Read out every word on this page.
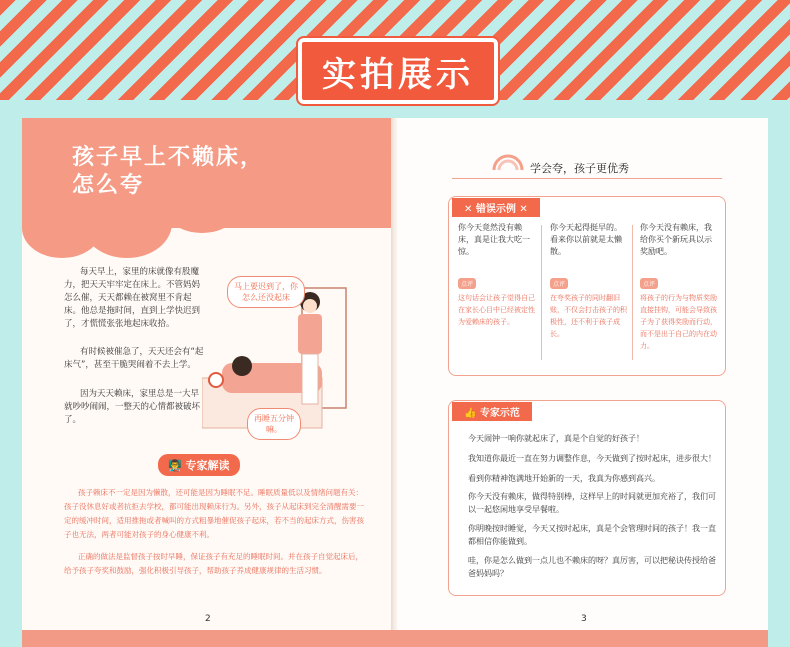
实拍展示
孩子早上不赖床，
怎么夸
每天早上，家里的床就像有股魔力，把天天牢牢定在床上。不管妈妈怎么催，天天都赖在被窝里不肯起床。他总是拖时间，直到上学快迟到了，才慌慌张张地起床收拾。
有时候被催急了，天天还会有“起床气”，甚至干脆哭闹着不去上学。
因为天天赖床，家里总是一大早就吵吵闹闹，一整天的心情都被破坏了。
马上要迟到了，你怎么还没起床
再睡五分钟嘛。
👨‍🏫 专家解读
孩子赖床不一定是因为懒散，还可能是因为睡眠不足。睡眠质量低以及情绪问题有关：孩子没休息好或者抗拒去学校，都可能出现赖床行为。另外，孩子从起床到完全清醒需要一定的缓冲时间，适用推拖或者喊叫的方式粗暴地催促孩子起床，若不当的起床方式，伤害孩子也无法，两者可能对孩子的身心健康不利。
正确的做法是监督孩子按时早睡，保证孩子有充足的睡眠时间。并在孩子自觉起床后，给予孩子夸奖和鼓励，强化积极引导孩子，帮助孩子养成健康规律的生活习惯。
2	3
学会夸，孩子更优秀
✕ 错误示例 ✕
你今天竟然没有赖床，真是让我大吃一惊。
点评
这句话会让孩子觉得自己在家长心目中已经被定性为爱赖床的孩子。
你今天起得挺早的。看来你以前就是太懒散。
点评
在夸奖孩子的同时翻旧账，不仅会打击孩子的积极性，还不利于孩子成长。
你今天没有赖床，我给你买个新玩具以示奖励吧。
点评
将孩子的行为与物质奖励直接挂钩，可能会导致孩子为了获得奖励而行动，而不是出于自己的内在动力。
👍 专家示范
今天闹钟一响你就起床了，真是个自觉的好孩子！
我知道你最近一直在努力调整作息，今天做到了按时起床，进步很大！
看到你精神饱满地开始新的一天，我真为你感到高兴。
你今天没有赖床，做得特别棒，这样早上的时间就更加充裕了，我们可以一起悠闲地享受早餐啦。
你明晚按时睡觉，今天又按时起床，真是个会管理时间的孩子！我一直都相信你能做到。
哇，你是怎么做到一点儿也不赖床的呀？真厉害，可以把秘诀传授给爸爸妈妈吗？
